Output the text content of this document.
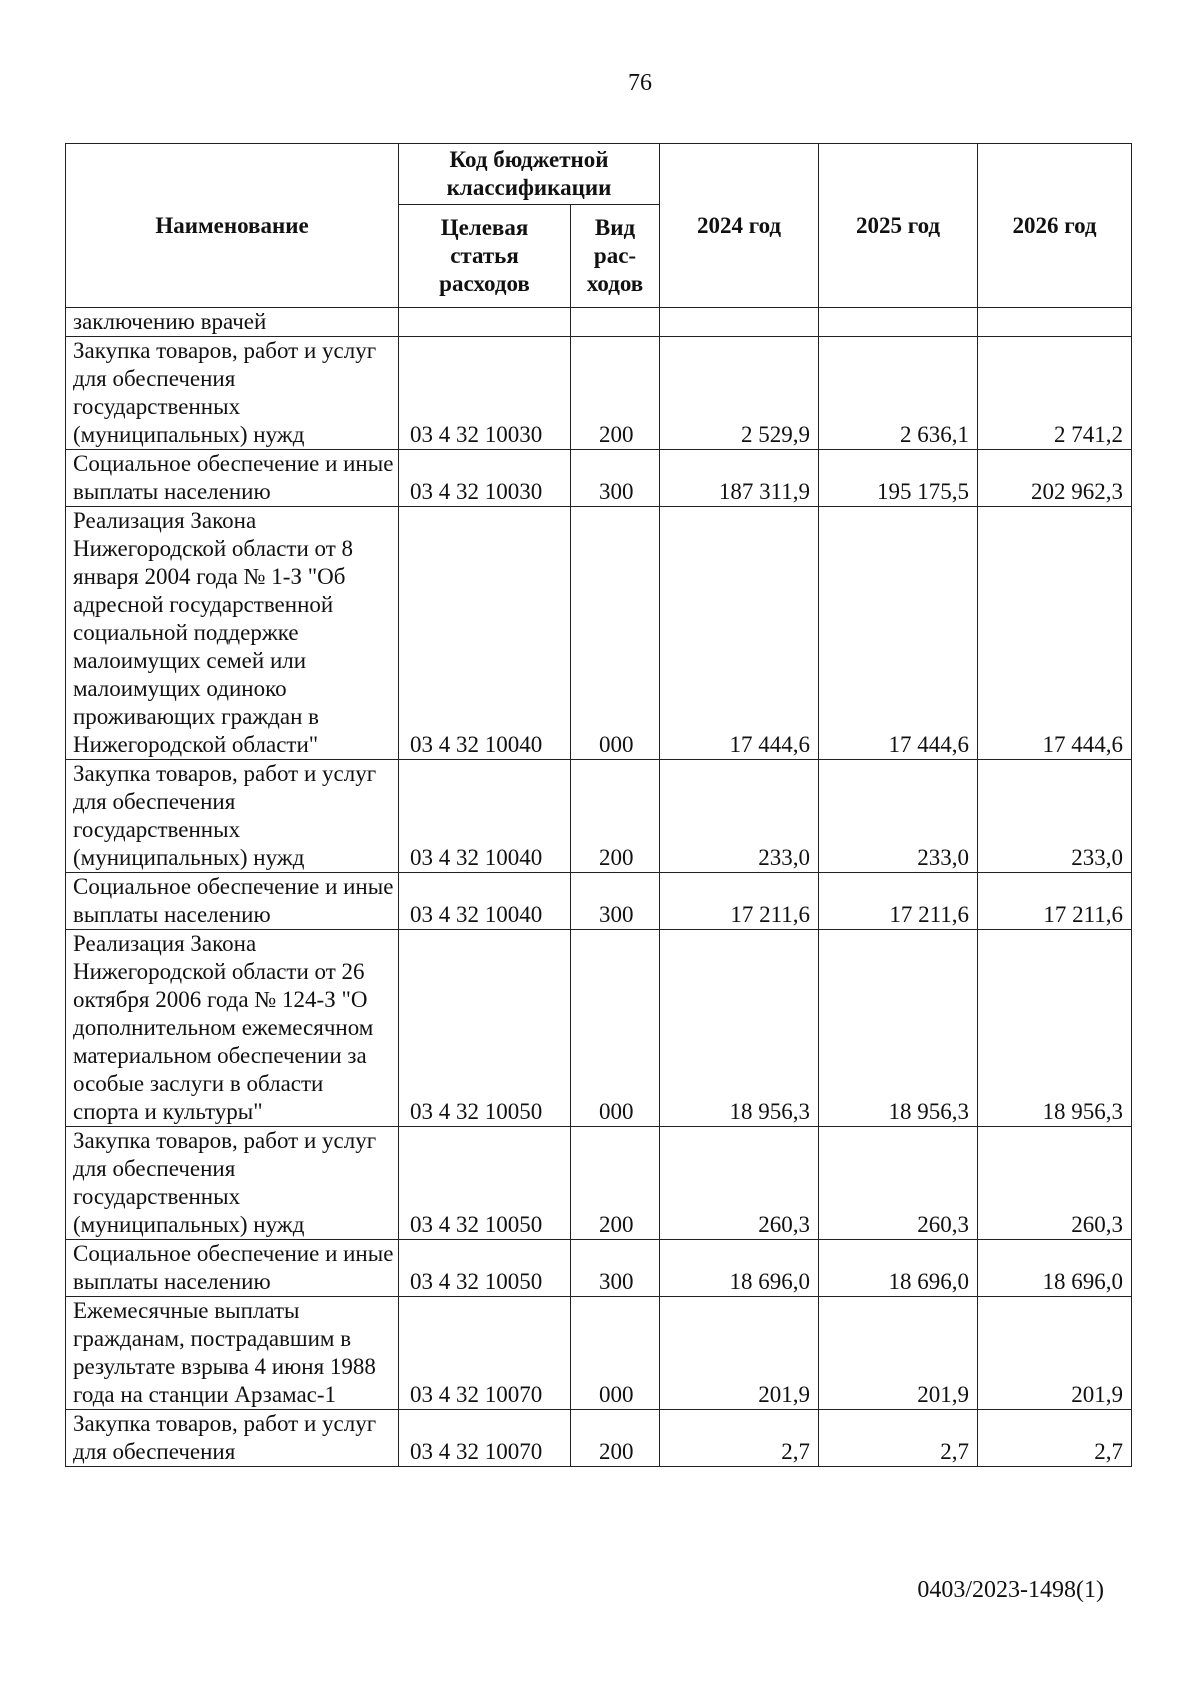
76
Наименование	Код бюджетной классификации		2024 год	2025 год	2026 год
	Целевая статья расходов	Вид рас-ходов			
заключению врачей					
Закупка товаров, работ и услуг для обеспечения государственных (муниципальных) нужд	03 4 32 10030	200	2 529,9	2 636,1	2 741,2
Социальное обеспечение и иные выплаты населению	03 4 32 10030	300	187 311,9	195 175,5	202 962,3
Реализация Закона Нижегородской области от 8 января 2004 года № 1-З "Об адресной государственной социальной поддержке малоимущих семей или малоимущих одиноко проживающих граждан в Нижегородской области"	03 4 32 10040	000	17 444,6	17 444,6	17 444,6
Закупка товаров, работ и услуг для обеспечения государственных (муниципальных) нужд	03 4 32 10040	200	233,0	233,0	233,0
Социальное обеспечение и иные выплаты населению	03 4 32 10040	300	17 211,6	17 211,6	17 211,6
Реализация Закона Нижегородской области от 26 октября 2006 года № 124-З "О дополнительном ежемесячном материальном обеспечении за особые заслуги в области спорта и культуры"	03 4 32 10050	000	18 956,3	18 956,3	18 956,3
Закупка товаров, работ и услуг для обеспечения государственных (муниципальных) нужд	03 4 32 10050	200	260,3	260,3	260,3
Социальное обеспечение и иные выплаты населению	03 4 32 10050	300	18 696,0	18 696,0	18 696,0
Ежемесячные выплаты гражданам, пострадавшим в результате взрыва 4 июня 1988 года на станции Арзамас-1	03 4 32 10070	000	201,9	201,9	201,9
Закупка товаров, работ и услуг для обеспечения	03 4 32 10070	200	2,7	2,7	2,7
0403/2023-1498(1)
